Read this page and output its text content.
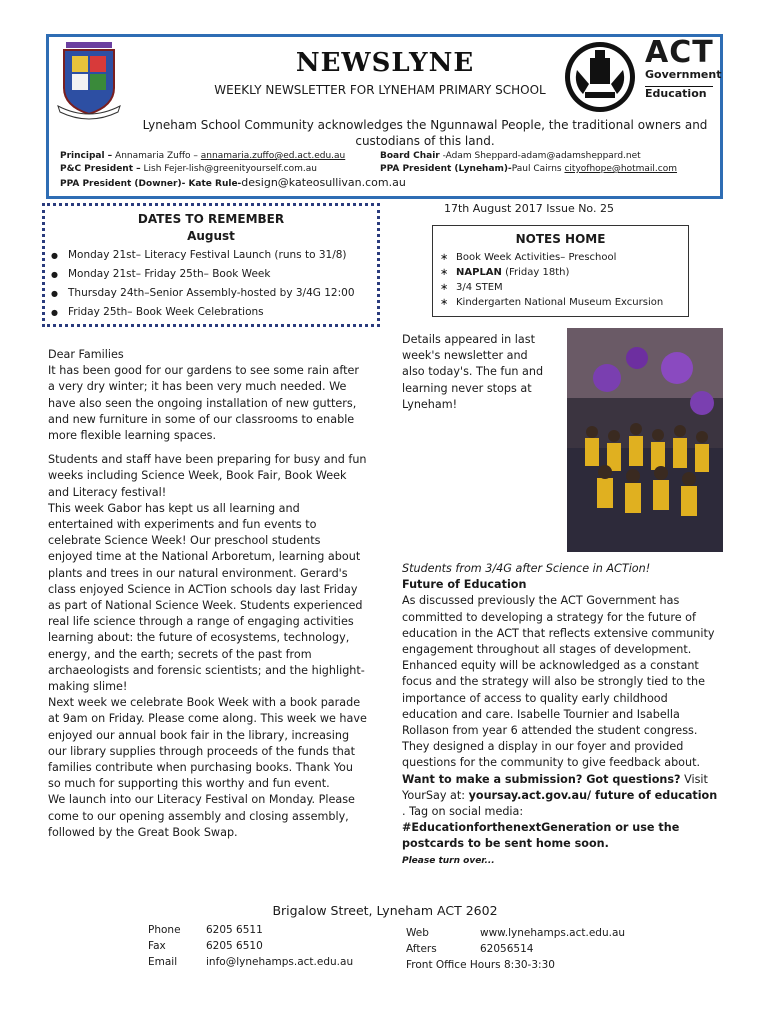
NEWSLYNE
WEEKLY NEWSLETTER FOR LYNEHAM PRIMARY SCHOOL
Lyneham School Community acknowledges the Ngunnawal People, the traditional owners and custodians of this land.
Principal – Annamaria Zuffo – annamaria.zuffo@ed.act.edu.au
P&C President – Lish Fejer-lish@greenityourself.com.au
PPA President (Downer)- Kate Rule-design@kateosullivan.com.au
Board Chair -Adam Sheppard-adam@adamsheppard.net
PPA President (Lyneham)-Paul Cairns cityofhope@hotmail.com
ACT
Government
Education
DATES TO REMEMBER
August
● Monday 21st– Literacy Festival Launch (runs to 31/8)
● Monday 21st– Friday 25th– Book Week
● Thursday 24th–Senior Assembly-hosted by 3/4G 12:00
● Friday 25th– Book Week Celebrations
17th August 2017 Issue No. 25
NOTES HOME
∗ Book Week Activities– Preschool
∗ NAPLAN (Friday 18th)
∗ 3/4 STEM
∗ Kindergarten National Museum Excursion

Dear Families
It has been good for our gardens to see some rain after a very dry winter; it has been very much needed. We have also seen the ongoing installation of new gutters, and new furniture in some of our classrooms to enable more flexible learning spaces.

Students and staff have been preparing for busy and fun weeks including Science Week, Book Fair, Book Week and Literacy festival!
This week Gabor has kept us all learning and entertained with experiments and fun events to celebrate Science Week! Our preschool students enjoyed time at the National Arboretum, learning about plants and trees in our natural environment. Gerard's class enjoyed Science in ACTion schools day last Friday as part of National Science Week. Students experienced real life science through a range of engaging activities learning about: the future of ecosystems, technology, energy, and the earth; secrets of the past from archaeologists and forensic scientists; and the highlight-making slime!
Next week we celebrate Book Week with a book parade at 9am on Friday. Please come along. This week we have enjoyed our annual book fair in the library, increasing our library supplies through proceeds of the funds that families contribute when purchasing books. Thank You so much for supporting this worthy and fun event.
We launch into our Literacy Festival on Monday. Please come to our opening assembly and closing assembly, followed by the Great Book Swap.

Details appeared in last week's newsletter and also today's. The fun and learning never stops at Lyneham!
Students from 3/4G after Science in ACTion!
Future of Education
As discussed previously the ACT Government has committed to developing a strategy for the future of education in the ACT that reflects extensive community engagement throughout all stages of development. Enhanced equity will be acknowledged as a constant focus and the strategy will also be strongly tied to the importance of access to quality early childhood education and care. Isabelle Tournier and Isabella Rollason from year 6 attended the student congress. They designed a display in our foyer and provided questions for the community to give feedback about. Want to make a submission? Got questions? Visit YourSay at: yoursay.act.gov.au/ future of education . Tag on social media: #EducationforthenextGeneration or use the postcards to be sent home soon.
Please turn over...
Brigalow Street, Lyneham ACT 2602
Phone
Fax
Email
6205 6511
6205 6510
info@lynehamps.act.edu.au
Web
Afters
www.lynehamps.act.edu.au
62056514
Front Office Hours 8:30-3:30
